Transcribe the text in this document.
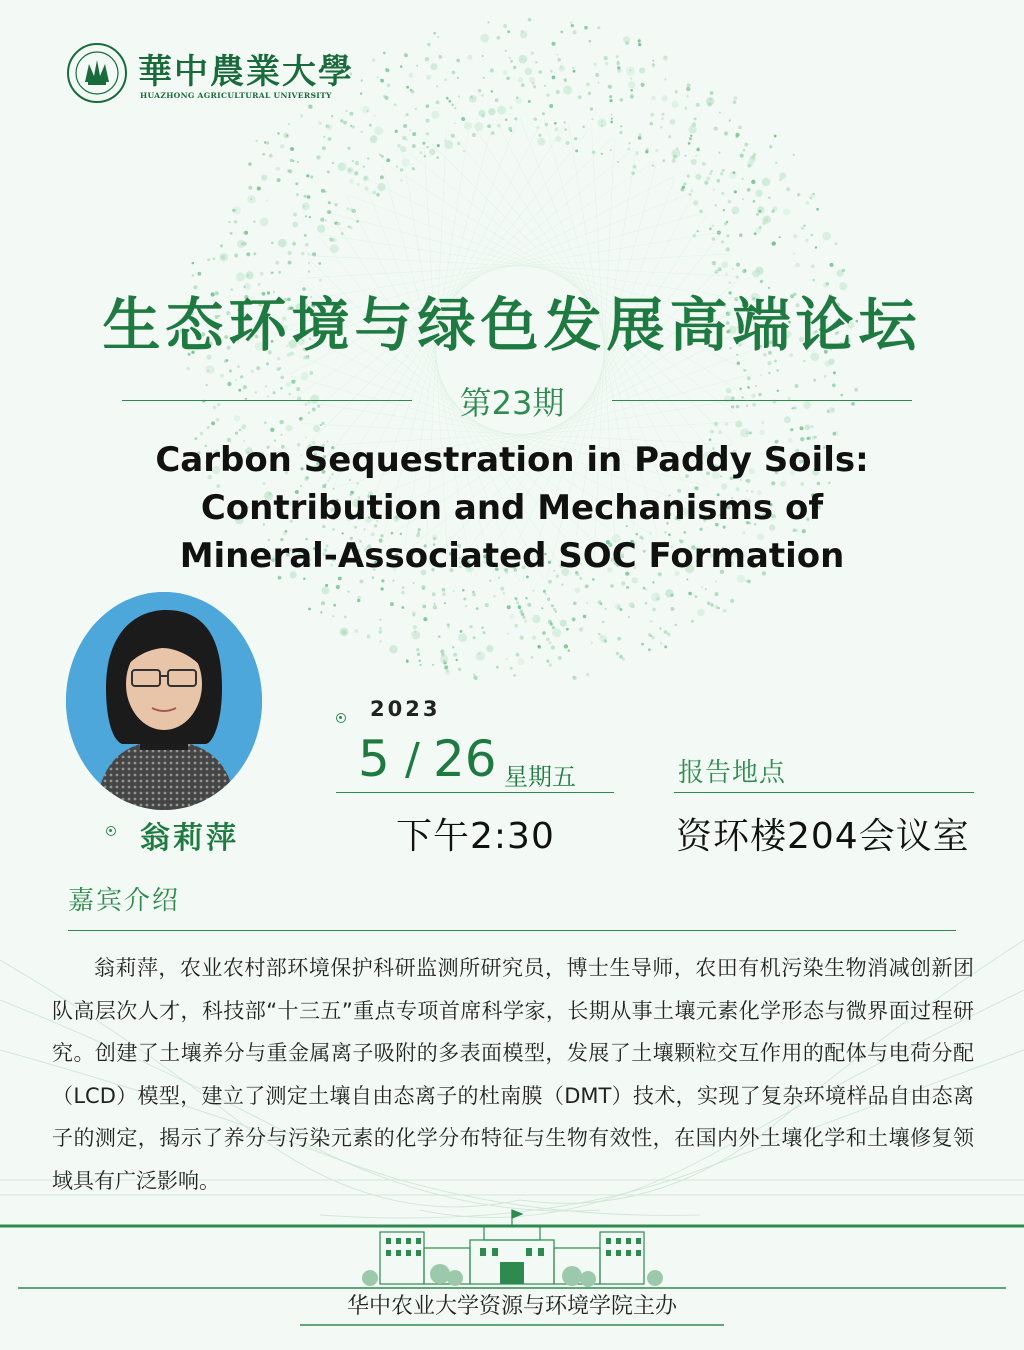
華中農業大學
HUAZHONG AGRICULTURAL UNIVERSITY
生态环境与绿色发展高端论坛
第23期
Carbon Sequestration in Paddy Soils:
Contribution and Mechanisms of
Mineral-Associated SOC Formation
翁莉萍
2023
5 / 26 星期五
下午2:30
报告地点
资环楼204会议室
嘉宾介绍
翁莉萍，农业农村部环境保护科研监测所研究员，博士生导师，农田有机污染生物消减创新团队高层次人才，科技部“十三五”重点专项首席科学家，长期从事土壤元素化学形态与微界面过程研究。创建了土壤养分与重金属离子吸附的多表面模型，发展了土壤颗粒交互作用的配体与电荷分配（LCD）模型，建立了测定土壤自由态离子的杜南膜（DMT）技术，实现了复杂环境样品自由态离子的测定，揭示了养分与污染元素的化学分布特征与生物有效性，在国内外土壤化学和土壤修复领域具有广泛影响。
华中农业大学资源与环境学院主办
